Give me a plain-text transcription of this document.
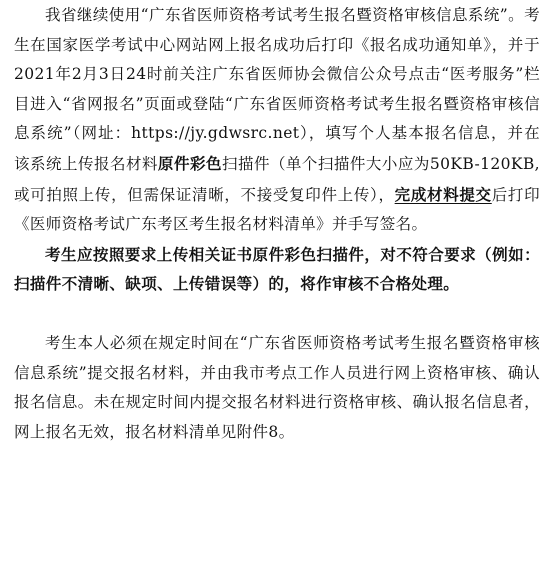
我省继续使用“广东省医师资格考试考生报名暨资格审核信息系统”。考生在国家医学考试中心网站网上报名成功后打印《报名成功通知单》，并于2021年2月3日24时前关注广东省医师协会微信公众号点击“医考服务”栏目进入“省网报名”页面或登陆“广东省医师资格考试考生报名暨资格审核信息系统”（网址：https://jy.gdwsrc.net），填写个人基本报名信息，并在该系统上传报名材料原件彩色扫描件（单个扫描件大小应为50KB-120KB,或可拍照上传，但需保证清晰，不接受复印件上传），完成材料提交后打印《医师资格考试广东考区考生报名材料清单》并手写签名。

考生应按照要求上传相关证书原件彩色扫描件，对不符合要求（例如：扫描件不清晰、缺项、上传错误等）的，将作审核不合格处理。

考生本人必须在规定时间在“广东省医师资格考试考生报名暨资格审核信息系统”提交报名材料，并由我市考点工作人员进行网上资格审核、确认报名信息。未在规定时间内提交报名材料进行资格审核、确认报名信息者，网上报名无效，报名材料清单见附件8。
